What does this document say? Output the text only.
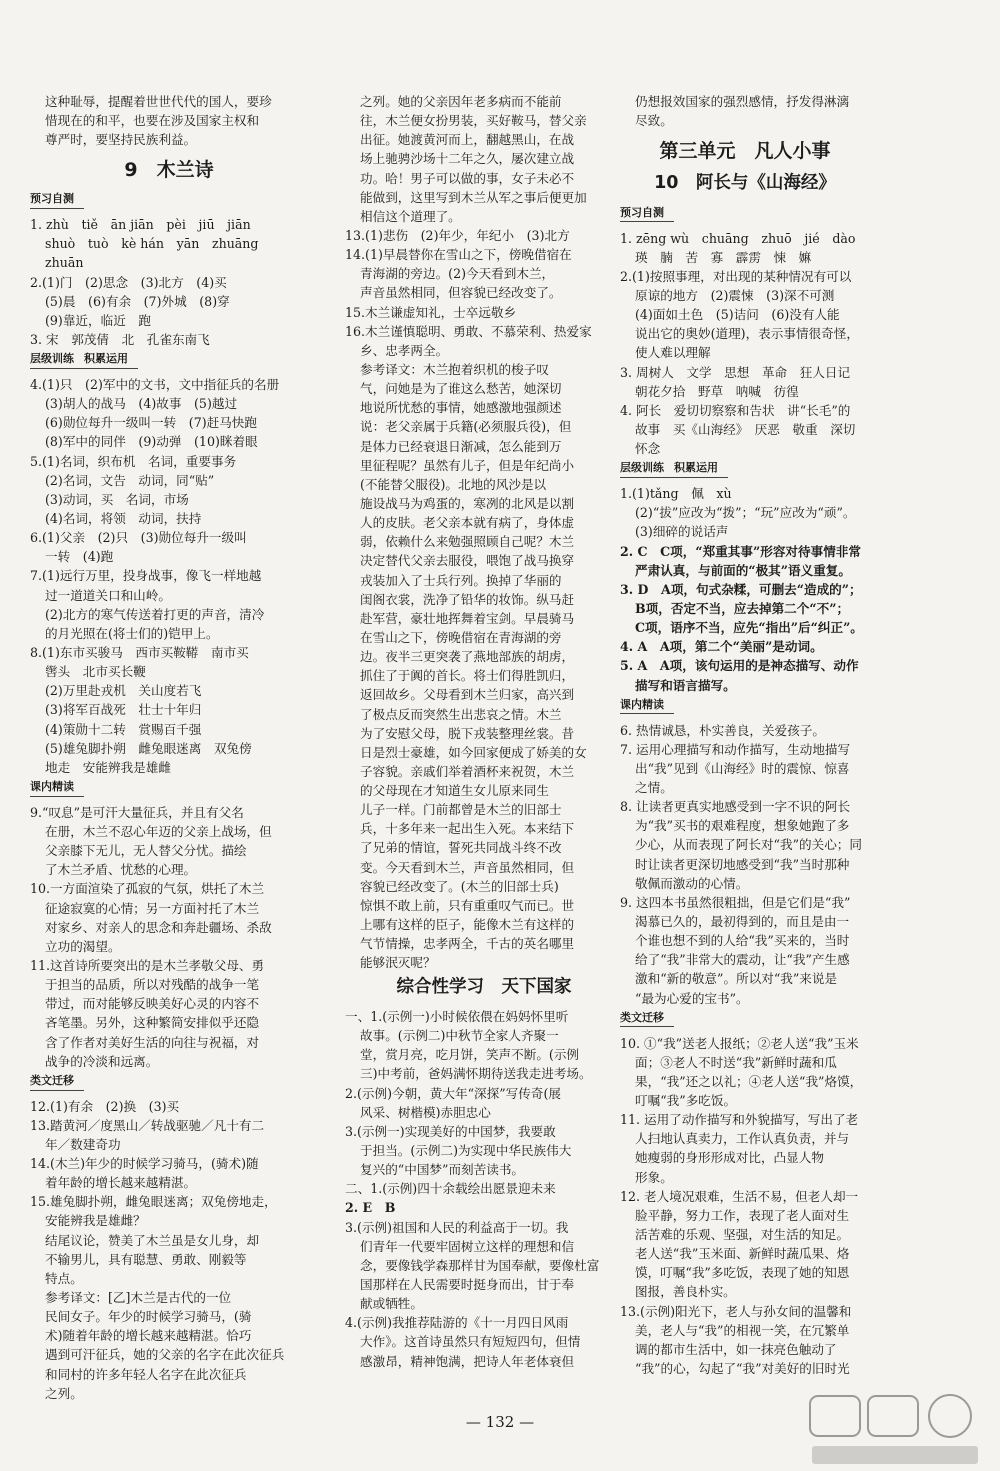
这种耻辱，提醒着世世代代的国人，要珍
惜现在的和平，也要在涉及国家主权和
尊严时，要坚持民族利益。
9　木兰诗
预习自测
1. zhù　tiě　ān jiān　pèi　jiū　jiān
shuò　tuò　kè hán　yān　zhuāng
zhuān
2.(1)门　(2)思念　(3)北方　(4)买
(5)晨　(6)有余　(7)外城　(8)穿
(9)靠近，临近　跑
3. 宋　郭茂倩　北　孔雀东南飞
层级训练 积累运用
4.(1)只　(2)军中的文书，文中指征兵的名册
(3)胡人的战马　(4)故事　(5)越过
(6)勋位每升一级叫一转　(7)赶马快跑
(8)军中的同伴　(9)动弹　(10)眯着眼
5.(1)名词，织布机　名词，重要事务
(2)名词，文告　动词，同“贴”
(3)动词，买　名词，市场
(4)名词，将领　动词，扶持
6.(1)父亲　(2)只　(3)勋位每升一级叫
一转　(4)跑
7.(1)远行万里，投身战事，像飞一样地越
过一道道关口和山岭。
(2)北方的寒气传送着打更的声音，清冷
的月光照在(将士们的)铠甲上。
8.(1)东市买骏马　西市买鞍鞯　南市买
辔头　北市买长鞭
(2)万里赴戎机　关山度若飞
(3)将军百战死　壮士十年归
(4)策勋十二转　赏赐百千强
(5)雄兔脚扑朔　雌兔眼迷离　双兔傍
地走　安能辨我是雄雌
课内精读
9.“叹息”是可汗大量征兵，并且有父名
在册，木兰不忍心年迈的父亲上战场，但
父亲膝下无儿，无人替父分忧。描绘
了木兰矛盾、忧愁的心理。
10.一方面渲染了孤寂的气氛，烘托了木兰
征途寂寞的心情；另一方面衬托了木兰
对家乡、对亲人的思念和奔赴疆场、杀敌
立功的渴望。
11.这首诗所要突出的是木兰孝敬父母、勇
于担当的品质，所以对残酷的战争一笔
带过，而对能够反映美好心灵的内容不
吝笔墨。另外，这种繁简安排似乎还隐
含了作者对美好生活的向往与祝福，对
战争的冷淡和远离。
类文迁移
12.(1)有余　(2)换　(3)买
13.踏黄河／度黑山／转战驱驰／凡十有二
年／数建奇功
14.(木兰)年少的时候学习骑马，(骑术)随
着年龄的增长越来越精湛。
15.雄兔脚扑朔，雌兔眼迷离；双兔傍地走，
安能辨我是雄雌？
结尾议论，赞美了木兰虽是女儿身，却
不输男儿，具有聪慧、勇敢、刚毅等
特点。
参考译文：[乙]木兰是古代的一位
民间女子。年少的时候学习骑马，(骑
术)随着年龄的增长越来越精湛。恰巧
遇到可汗征兵，她的父亲的名字在此次征兵
和同村的许多年轻人名字在此次征兵
之列。
之列。她的父亲因年老多病而不能前
往，木兰便女扮男装，买好鞍马，替父亲
出征。她渡黄河而上，翻越黑山，在战
场上驰骋沙场十二年之久，屡次建立战
功。哈！男子可以做的事，女子未必不
能做到，这里写到木兰从军之事后便更加
相信这个道理了。
13.(1)悲伤　(2)年少，年纪小　(3)北方
14.(1)早晨替你在雪山之下，傍晚借宿在
青海湖的旁边。(2)今天看到木兰，
声音虽然相同，但容貌已经改变了。
15.木兰谦虚知礼，士卒远敬乡
16.木兰谨慎聪明、勇敢、不慕荣利、热爱家
乡、忠孝两全。
参考译文：木兰抱着织机的梭子叹
气，问她是为了谁这么愁苦，她深切
地说所忧愁的事情，她感激地强颜述
说：老父亲属于兵籍(必须服兵役)，但
是体力已经衰退日渐减，怎么能到万
里征程呢？虽然有儿子，但是年纪尚小
(不能替父服役)。北地的风沙是以
施设战马为鸡蛋的，寒冽的北风是以割
人的皮肤。老父亲本就有病了，身体虚
弱，依赖什么来勉强照顾自己呢？木兰
决定替代父亲去服役，喂饱了战马换穿
戎装加入了士兵行列。换掉了华丽的
闺阁衣裳，洗净了铅华的妆饰。纵马赶
赴军营，豪壮地挥舞着宝剑。早晨骑马
在雪山之下，傍晚借宿在青海湖的旁
边。夜半三更突袭了燕地部族的胡虏，
抓住了于阗的首长。将士们得胜凯归，
返回故乡。父母看到木兰归家，高兴到
了极点反而突然生出悲哀之情。木兰
为了安慰父母，脱下戎装整理丝裳。昔
日是烈士豪雄，如今回家便成了娇美的女
子容貌。亲戚们举着酒杯来祝贺，木兰
的父母现在才知道生女儿原来同生
儿子一样。门前都曾是木兰的旧部士
兵，十多年来一起出生入死。本来结下
了兄弟的情谊，誓死共同战斗终不改
变。今天看到木兰，声音虽然相同，但
容貌已经改变了。(木兰的旧部士兵)
惊惧不敢上前，只有重重叹气而已。世
上哪有这样的臣子，能像木兰有这样的
气节情操，忠孝两全，千古的英名哪里
能够泯灭呢？
综合性学习　天下国家
一、1.(示例一)小时候依偎在妈妈怀里听
故事。(示例二)中秋节全家人齐聚一
堂，赏月亮，吃月饼，笑声不断。(示例
三)中考前，爸妈满怀期待送我走进考场。
2.(示例)今朝，黄大年“深探”写传奇(展
风采、树楷模)赤胆忠心
3.(示例一)实现美好的中国梦，我要敢
于担当。(示例二)为实现中华民族伟大
复兴的“中国梦”而刻苦读书。
二、1.(示例)四十余载绘出愿景迎未来
2. E　B
3.(示例)祖国和人民的利益高于一切。我
们青年一代要牢固树立这样的理想和信
念，要像钱学森那样甘为国奉献，要像杜富
国那样在人民需要时挺身而出，甘于奉
献或牺牲。
4.(示例)我推荐陆游的《十一月四日风雨
大作》。这首诗虽然只有短短四句，但情
感激昂，精神饱满，把诗人年老体衰但
仍想报效国家的强烈感情，抒发得淋漓
尽致。
第三单元　凡人小事
10　阿长与《山海经》
预习自测
1. zēng wù　chuāng　zhuō　jié　dào
瑛　腩　苦　寡　霹雳　悚　嫲
2.(1)按照事理，对出现的某种情况有可以
原谅的地方　(2)震悚　(3)深不可测
(4)面如土色　(5)诘问　(6)没有人能
说出它的奥妙(道理)，表示事情很奇怪，
使人难以理解
3. 周树人　文学　思想　革命　狂人日记
朝花夕拾　野草　呐喊　彷徨
4. 阿长　爱切切察察和告状　讲“长毛”的
故事　买《山海经》　厌恶　敬重　深切
怀念
层级训练 积累运用
1.(1)tǎng　佩　xù
(2)“拔”应改为“拨”；“玩”应改为“顽”。
(3)细碎的说话声
2. C　C项，“郑重其事”形容对待事情非常
严肃认真，与前面的“极其”语义重复。
3. D　A项，句式杂糅，可删去“造成的”；
B项，否定不当，应去掉第二个“不”；
C项，语序不当，应先“指出”后“纠正”。
4. A　A项，第二个“美丽”是动词。
5. A　A项，该句运用的是神态描写、动作
描写和语言描写。
课内精读
6. 热情诚恳，朴实善良，关爱孩子。
7. 运用心理描写和动作描写，生动地描写
出“我”见到《山海经》时的震惊、惊喜
之情。
8. 让读者更真实地感受到一字不识的阿长
为“我”买书的艰难程度，想象她跑了多
少心，从而表现了阿长对“我”的关心；同
时让读者更深切地感受到“我”当时那种
敬佩而激动的心情。
9. 这四本书虽然很粗拙，但是它们是“我”
渴慕已久的，最初得到的，而且是由一
个谁也想不到的人给“我”买来的，当时
给了“我”非常大的震动，让“我”产生感
激和“新的敬意”。所以对“我”来说是
“最为心爱的宝书”。
类文迁移
10. ①“我”送老人报纸；②老人送“我”玉米
面；③老人不时送“我”新鲜时蔬和瓜
果，“我”还之以礼；④老人送“我”烙馍，
叮嘱“我”多吃饭。
11. 运用了动作描写和外貌描写，写出了老
人扫地认真卖力，工作认真负责，并与
她瘦弱的身形形成对比，凸显人物
形象。
12. 老人境况艰难，生活不易，但老人却一
脸平静，努力工作，表现了老人面对生
活苦难的乐观、坚强，对生活的知足。
老人送“我”玉米面、新鲜时蔬瓜果、烙
馍，叮嘱“我”多吃饭，表现了她的知恩
图报，善良朴实。
13.(示例)阳光下，老人与孙女间的温馨和
美，老人与“我”的相视一笑，在冗繁单
调的都市生活中，如一抹亮色触动了
“我”的心，勾起了“我”对美好的旧时光
— 132 —
